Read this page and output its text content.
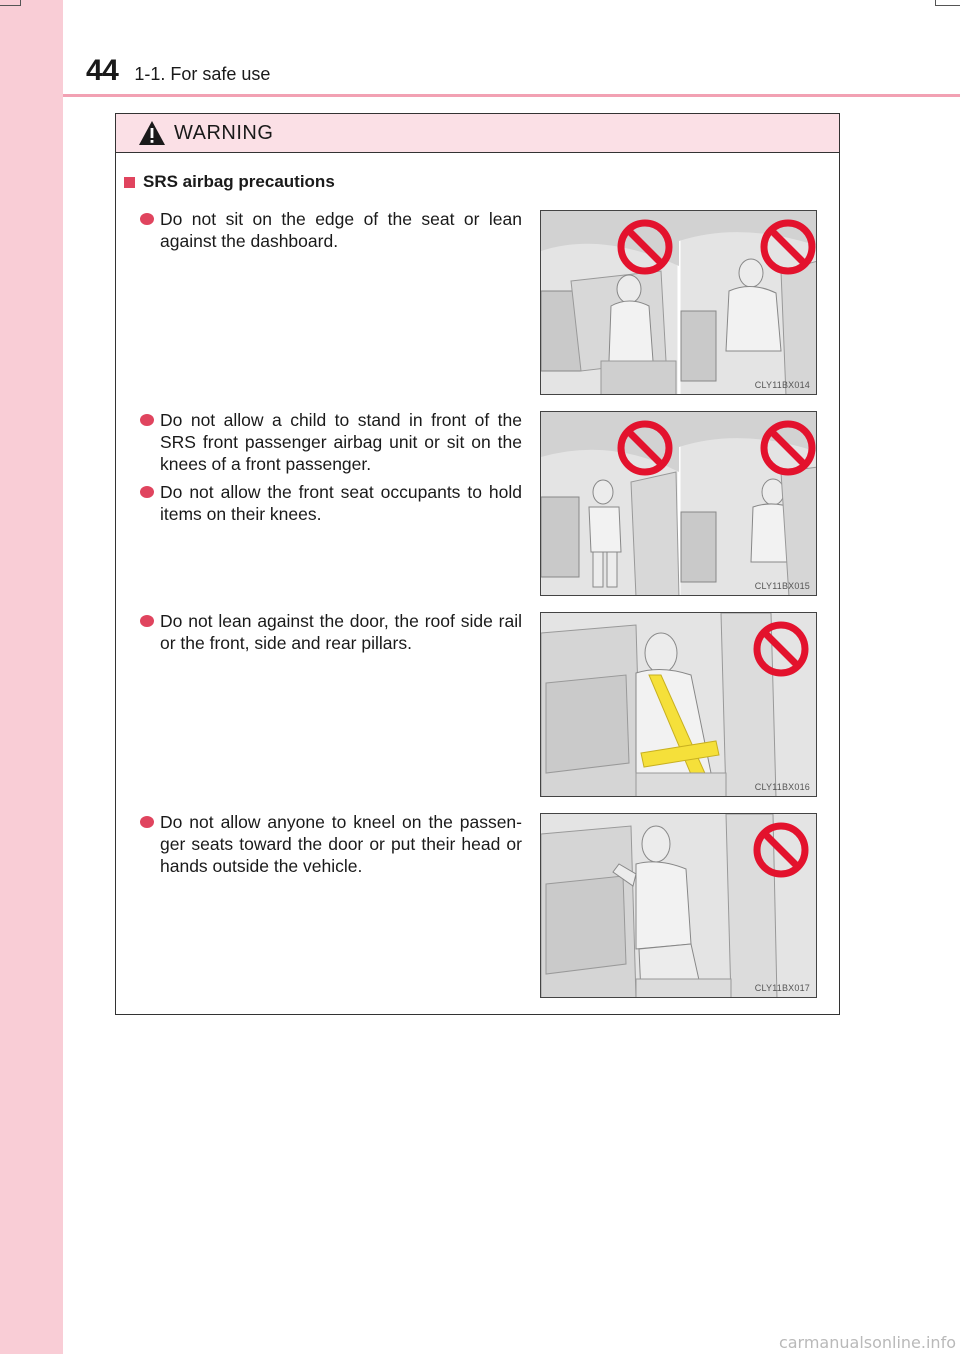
44 1-1. For safe use
WARNING
SRS airbag precautions
Do not sit on the edge of the seat or lean against the dashboard.
Do not allow a child to stand in front of the SRS front passenger airbag unit or sit on the knees of a front passenger.
Do not allow the front seat occupants to hold items on their knees.
Do not lean against the door, the roof side rail or the front, side and rear pillars.
Do not allow anyone to kneel on the passen-ger seats toward the door or put their head or hands outside the vehicle.
CLY11BX014
CLY11BX015
CLY11BX016
CLY11BX017
carmanualsonline.info
